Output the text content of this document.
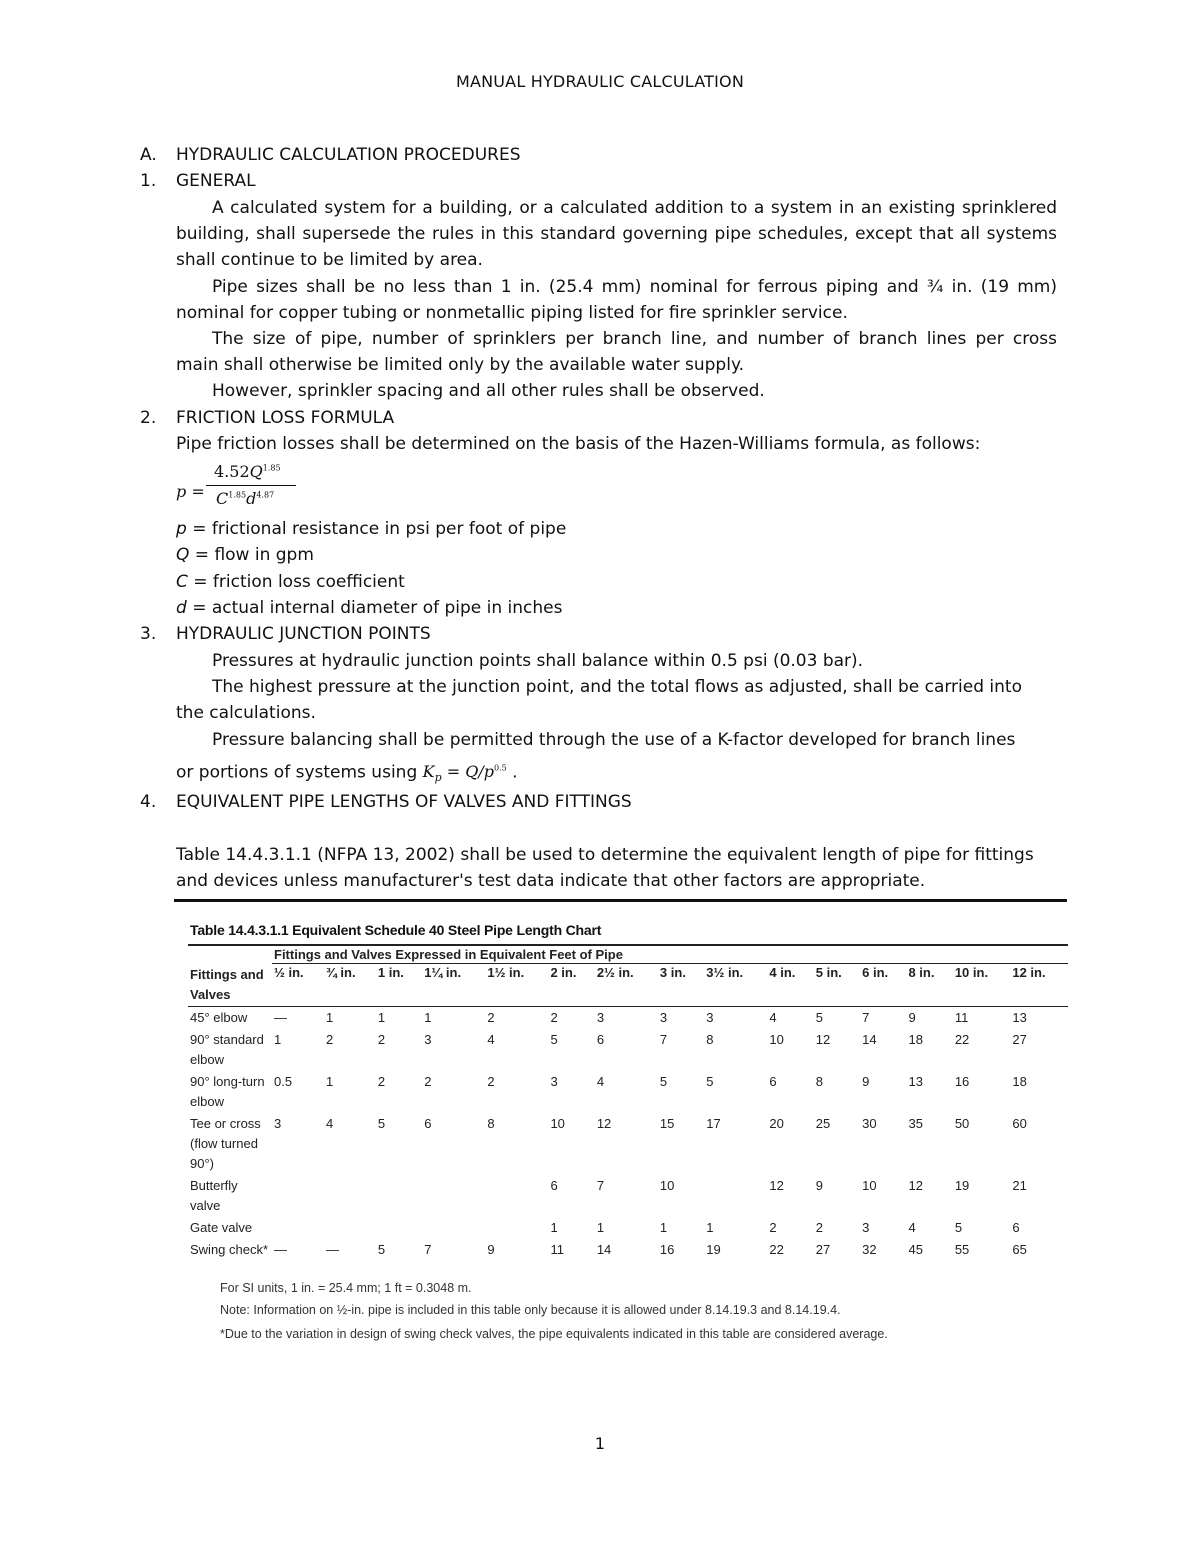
MANUAL HYDRAULIC CALCULATION
A. HYDRAULIC CALCULATION PROCEDURES
1. GENERAL
A calculated system for a building, or a calculated addition to a system in an existing sprinklered
building, shall supersede the rules in this standard governing pipe schedules, except that all systems
shall continue to be limited by area.
Pipe sizes shall be no less than 1 in. (25.4 mm) nominal for ferrous piping and ¾ in. (19 mm)
nominal for copper tubing or nonmetallic piping listed for fire sprinkler service.
The size of pipe, number of sprinklers per branch line, and number of branch lines per cross
main shall otherwise be limited only by the available water supply.
However, sprinkler spacing and all other rules shall be observed.
2. FRICTION LOSS FORMULA
Pipe friction losses shall be determined on the basis of the Hazen-Williams formula, as follows:
p =
$4.52Q^{1.85}$
$C^{1.85}d^{4.87}$
p = frictional resistance in psi per foot of pipe
Q = flow in gpm
C = friction loss coefficient
d = actual internal diameter of pipe in inches
3. HYDRAULIC JUNCTION POINTS
Pressures at hydraulic junction points shall balance within 0.5 psi (0.03 bar).
The highest pressure at the junction point, and the total flows as adjusted, shall be carried into
the calculations.
Pressure balancing shall be permitted through the use of a K-factor developed for branch lines
or portions of systems using $K_p = Q/p^{0.5}$ .
4. EQUIVALENT PIPE LENGTHS OF VALVES AND FITTINGS
Table 14.4.3.1.1 (NFPA 13, 2002) shall be used to determine the equivalent length of pipe for fittings
and devices unless manufacturer's test data indicate that other factors are appropriate.
Table 14.4.3.1.1 Equivalent Schedule 40 Steel Pipe Length Chart
	Fittings and Valves Expressed in Equivalent Feet of Pipe														
Fittings and Valves	½ in.	¾ in.	1 in.	1¼ in.	1½ in.	2 in.	2½ in.	3 in.	3½ in.	4 in.	5 in.	6 in.	8 in.	10 in.	12 in.
45° elbow	—	1	1	1	2	2	3	3	3	4	5	7	9	11	13
90° standard elbow	1	2	2	3	4	5	6	7	8	10	12	14	18	22	27
90° long-turn elbow	0.5	1	2	2	2	3	4	5	5	6	8	9	13	16	18
Tee or cross (flow turned 90°)	3	4	5	6	8	10	12	15	17	20	25	30	35	50	60
Butterfly valve						6	7	10		12	9	10	12	19	21
Gate valve						1	1	1	1	2	2	3	4	5	6
Swing check*	—	—	5	7	9	11	14	16	19	22	27	32	45	55	65
For SI units, 1 in. = 25.4 mm; 1 ft = 0.3048 m.
Note: Information on ½-in. pipe is included in this table only because it is allowed under 8.14.19.3 and 8.14.19.4.
*Due to the variation in design of swing check valves, the pipe equivalents indicated in this table are considered average.
1
